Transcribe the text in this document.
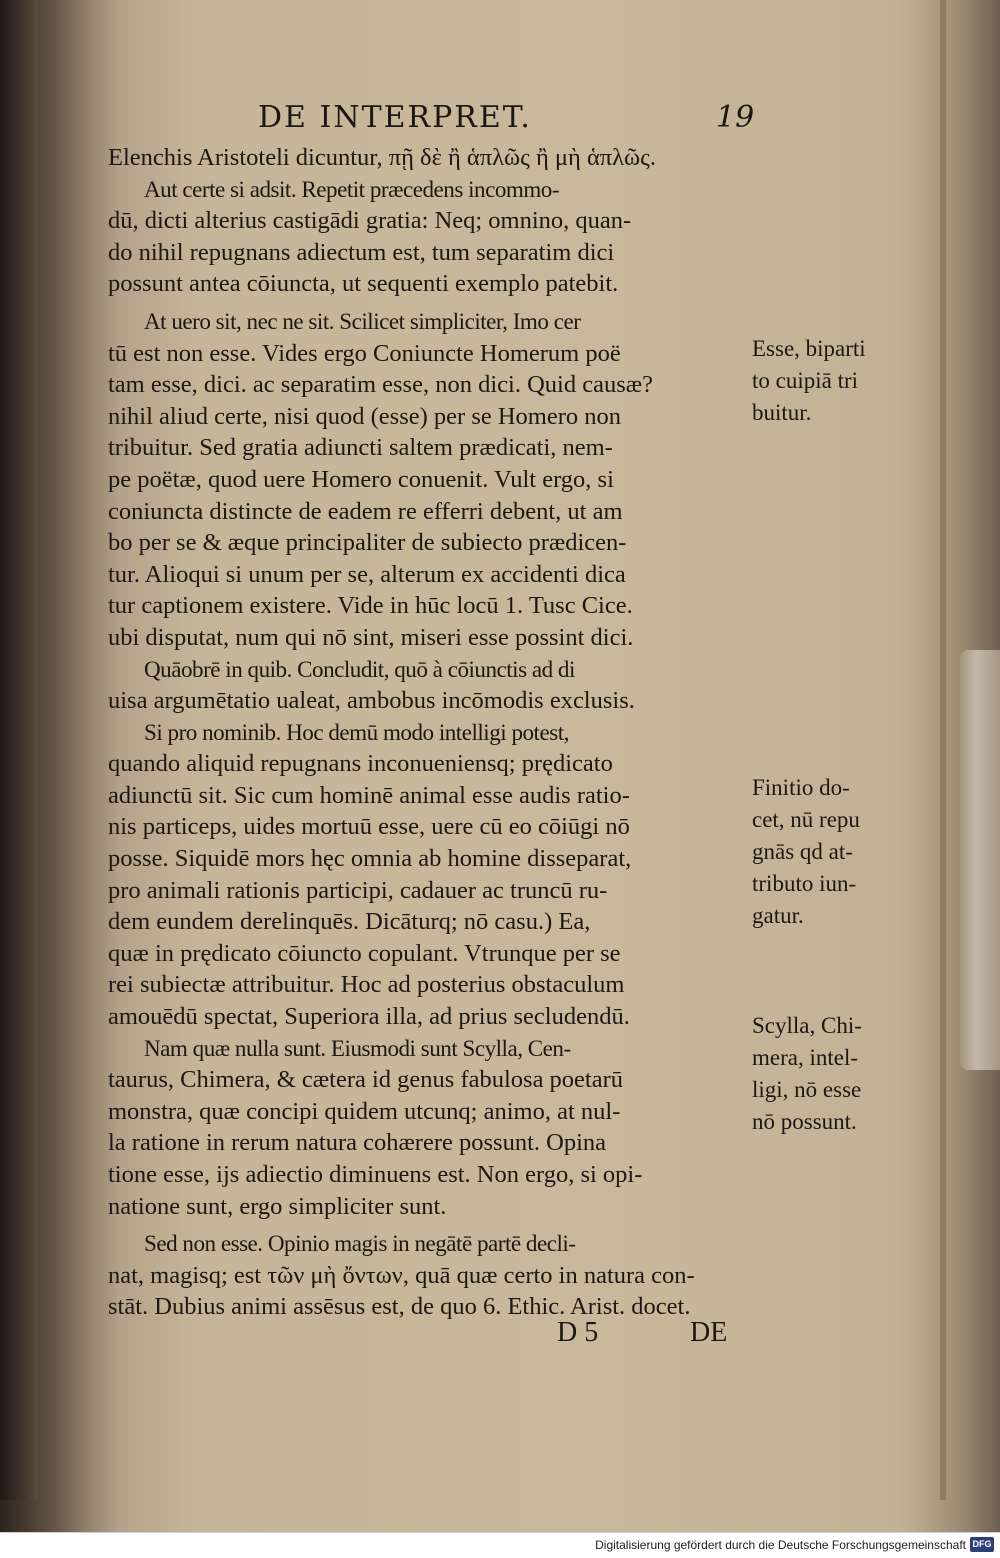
DE INTERPRET.	19
Elenchis Aristoteli dicuntur, πῇ δὲ ἢ ἁπλῶς ἢ μὴ ἁπλῶς.
Aut certe si adsit. Repetit præcedens incommo-
dū, dicti alterius castigādi gratia: Neq; omnino, quan-
do nihil repugnans adiectum est, tum separatim dici
possunt antea cōiuncta, ut sequenti exemplo patebit.
At uero sit, nec ne sit. Scilicet simpliciter, Imo cer
tū est non esse. Vides ergo Coniuncte Homerum poë
tam esse, dici. ac separatim esse, non dici. Quid causæ?
nihil aliud certe, nisi quod (esse) per se Homero non
tribuitur. Sed gratia adiuncti saltem prædicati, nem-
pe poëtæ, quod uere Homero conuenit. Vult ergo, si
coniuncta distincte de eadem re efferri debent, ut am
bo per se & æque principaliter de subiecto prædicen-
tur. Alioqui si unum per se, alterum ex accidenti dica
tur captionem existere. Vide in hūc locū 1. Tusc Cice.
ubi disputat, num qui nō sint, miseri esse possint dici.
Quāobrē in quib. Concludit, quō à cōiunctis ad di
uisa argumētatio ualeat, ambobus incōmodis exclusis.
Si pro nominib. Hoc demū modo intelligi potest,
quando aliquid repugnans inconueniensq; prędicato
adiunctū sit. Sic cum hominē animal esse audis ratio-
nis particeps, uides mortuū esse, uere cū eo cōiūgi nō
posse. Siquidē mors hęc omnia ab homine disseparat,
pro animali rationis participi, cadauer ac truncū ru-
dem eundem derelinquēs. Dicāturq; nō casu.) Ea,
quæ in prędicato cōiuncto copulant. Vtrunque per se
rei subiectæ attribuitur. Hoc ad posterius obstaculum
amouēdū spectat, Superiora illa, ad prius secludendū.
Nam quæ nulla sunt. Eiusmodi sunt Scylla, Cen-
taurus, Chimera, & cætera id genus fabulosa poetarū
monstra, quæ concipi quidem utcunq; animo, at nul-
la ratione in rerum natura cohærere possunt. Opina
tione esse, ijs adiectio diminuens est. Non ergo, si opi-
natione sunt, ergo simpliciter sunt.
Sed non esse. Opinio magis in negātē partē decli-
nat, magisq; est τῶν μὴ ὄντων, quā quæ certo in natura con-
stāt. Dubius animi assēsus est, de quo 6. Ethic. Arist. docet.
Esse, biparti
to cuipiā tri
buitur.
Finitio do-
cet, nū repu
gnās qd at-
tributo iun-
gatur.
Scylla, Chi-
mera, intel-
ligi, nō esse
nō possunt.
D 5	DE
Digitalisierung gefördert durch die Deutsche Forschungsgemeinschaft DFG
